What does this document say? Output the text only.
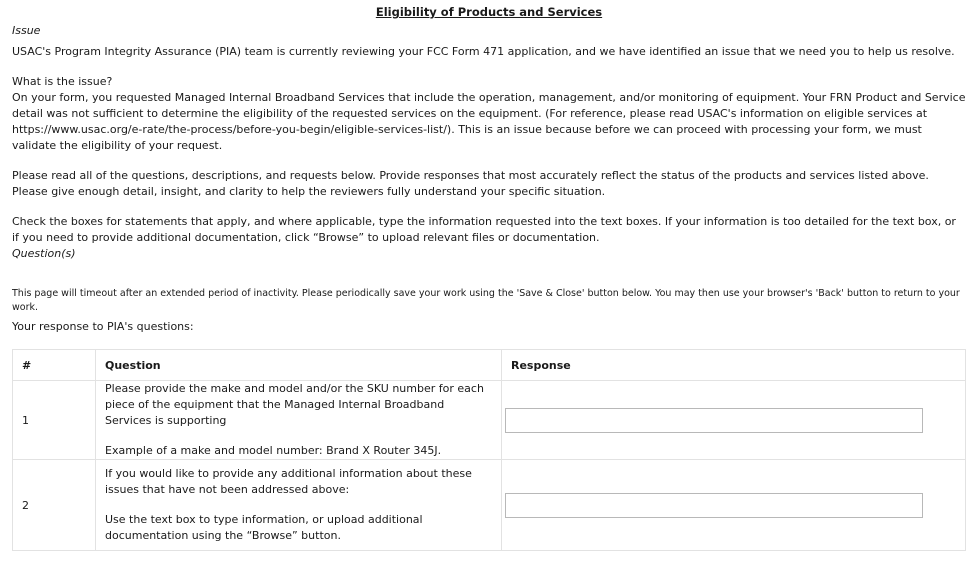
Eligibility of Products and Services
Issue

USAC's Program Integrity Assurance (PIA) team is currently reviewing your FCC Form 471 application, and we have identified an issue that we need you to help us resolve.

What is the issue?

On your form, you requested Managed Internal Broadband Services that include the operation, management, and/or monitoring of equipment. Your FRN Product and Service detail was not sufficient to determine the eligibility of the requested services on the equipment. (For reference, please read USAC's information on eligible services at https://www.usac.org/e-rate/the-process/before-you-begin/eligible-services-list/). This is an issue because before we can proceed with processing your form, we must validate the eligibility of your request.

Please read all of the questions, descriptions, and requests below. Provide responses that most accurately reflect the status of the products and services listed above. Please give enough detail, insight, and clarity to help the reviewers fully understand your specific situation.

Check the boxes for statements that apply, and where applicable, type the information requested into the text boxes. If your information is too detailed for the text box, or if you need to provide additional documentation, click “Browse” to upload relevant files or documentation.

Question(s)

This page will timeout after an extended period of inactivity. Please periodically save your work using the 'Save & Close' button below. You may then use your browser's 'Back' button to return to your work.

Your response to PIA's questions:

#	Question	Response
1	Please provide the make and model and/or the SKU number for each piece of the equipment that the Managed Internal Broadband Services is supporting
Example of a make and model number: Brand X Router 345J.

2	If you would like to provide any additional information about these issues that have not been addressed above:
Use the text box to type information, or upload additional documentation using the “Browse” button.
